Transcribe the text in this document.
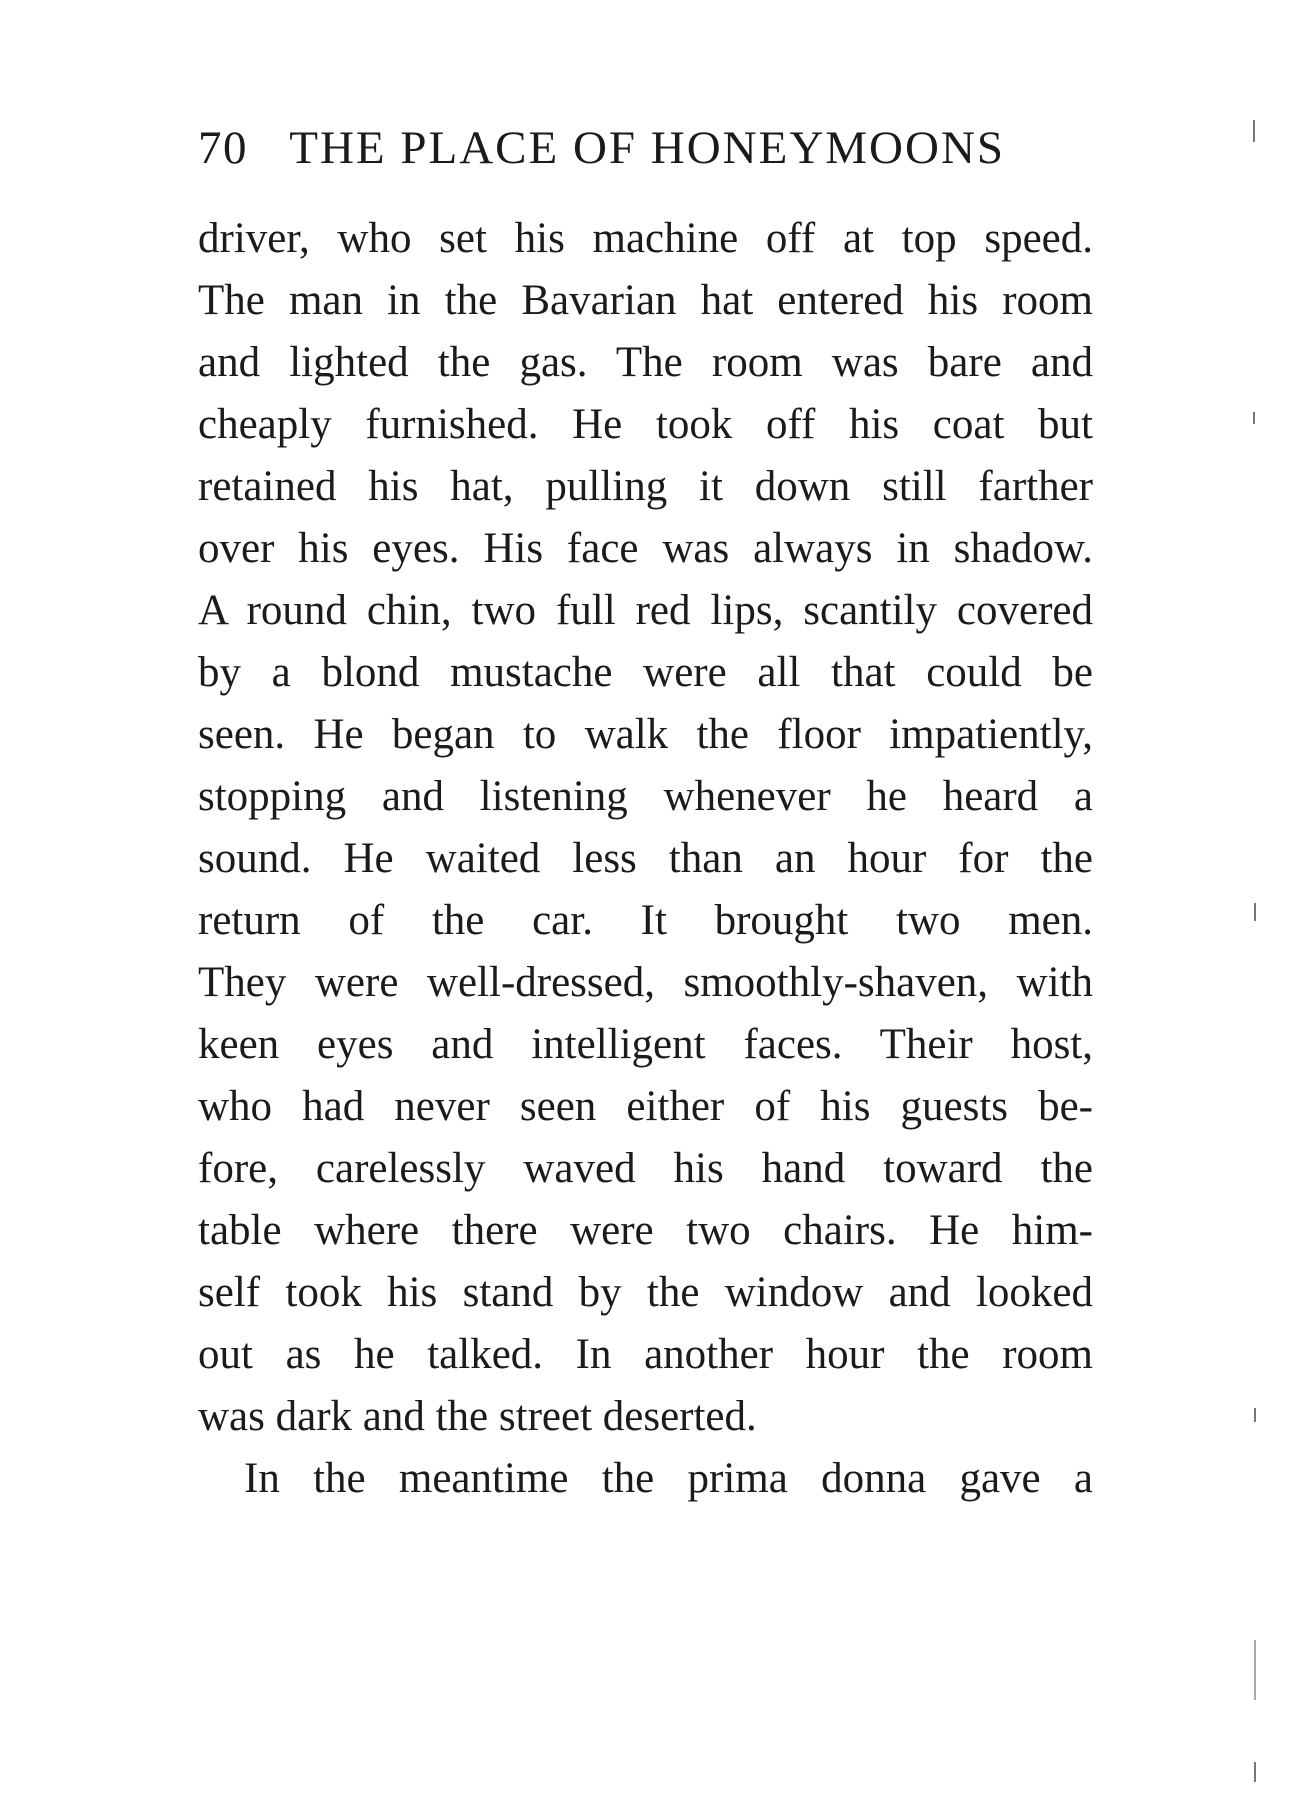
70 THE PLACE OF HONEYMOONS
driver, who set his machine off at top speed.
The man in the Bavarian hat entered his room
and lighted the gas. The room was bare and
cheaply furnished. He took off his coat but
retained his hat, pulling it down still farther
over his eyes. His face was always in shadow.
A round chin, two full red lips, scantily covered
by a blond mustache were all that could be
seen. He began to walk the floor impatiently,
stopping and listening whenever he heard a
sound. He waited less than an hour for the
return of the car. It brought two men.
They were well-dressed, smoothly-shaven, with
keen eyes and intelligent faces. Their host,
who had never seen either of his guests be-
fore, carelessly waved his hand toward the
table where there were two chairs. He him-
self took his stand by the window and looked
out as he talked. In another hour the room
was dark and the street deserted.
In the meantime the prima donna gave a
